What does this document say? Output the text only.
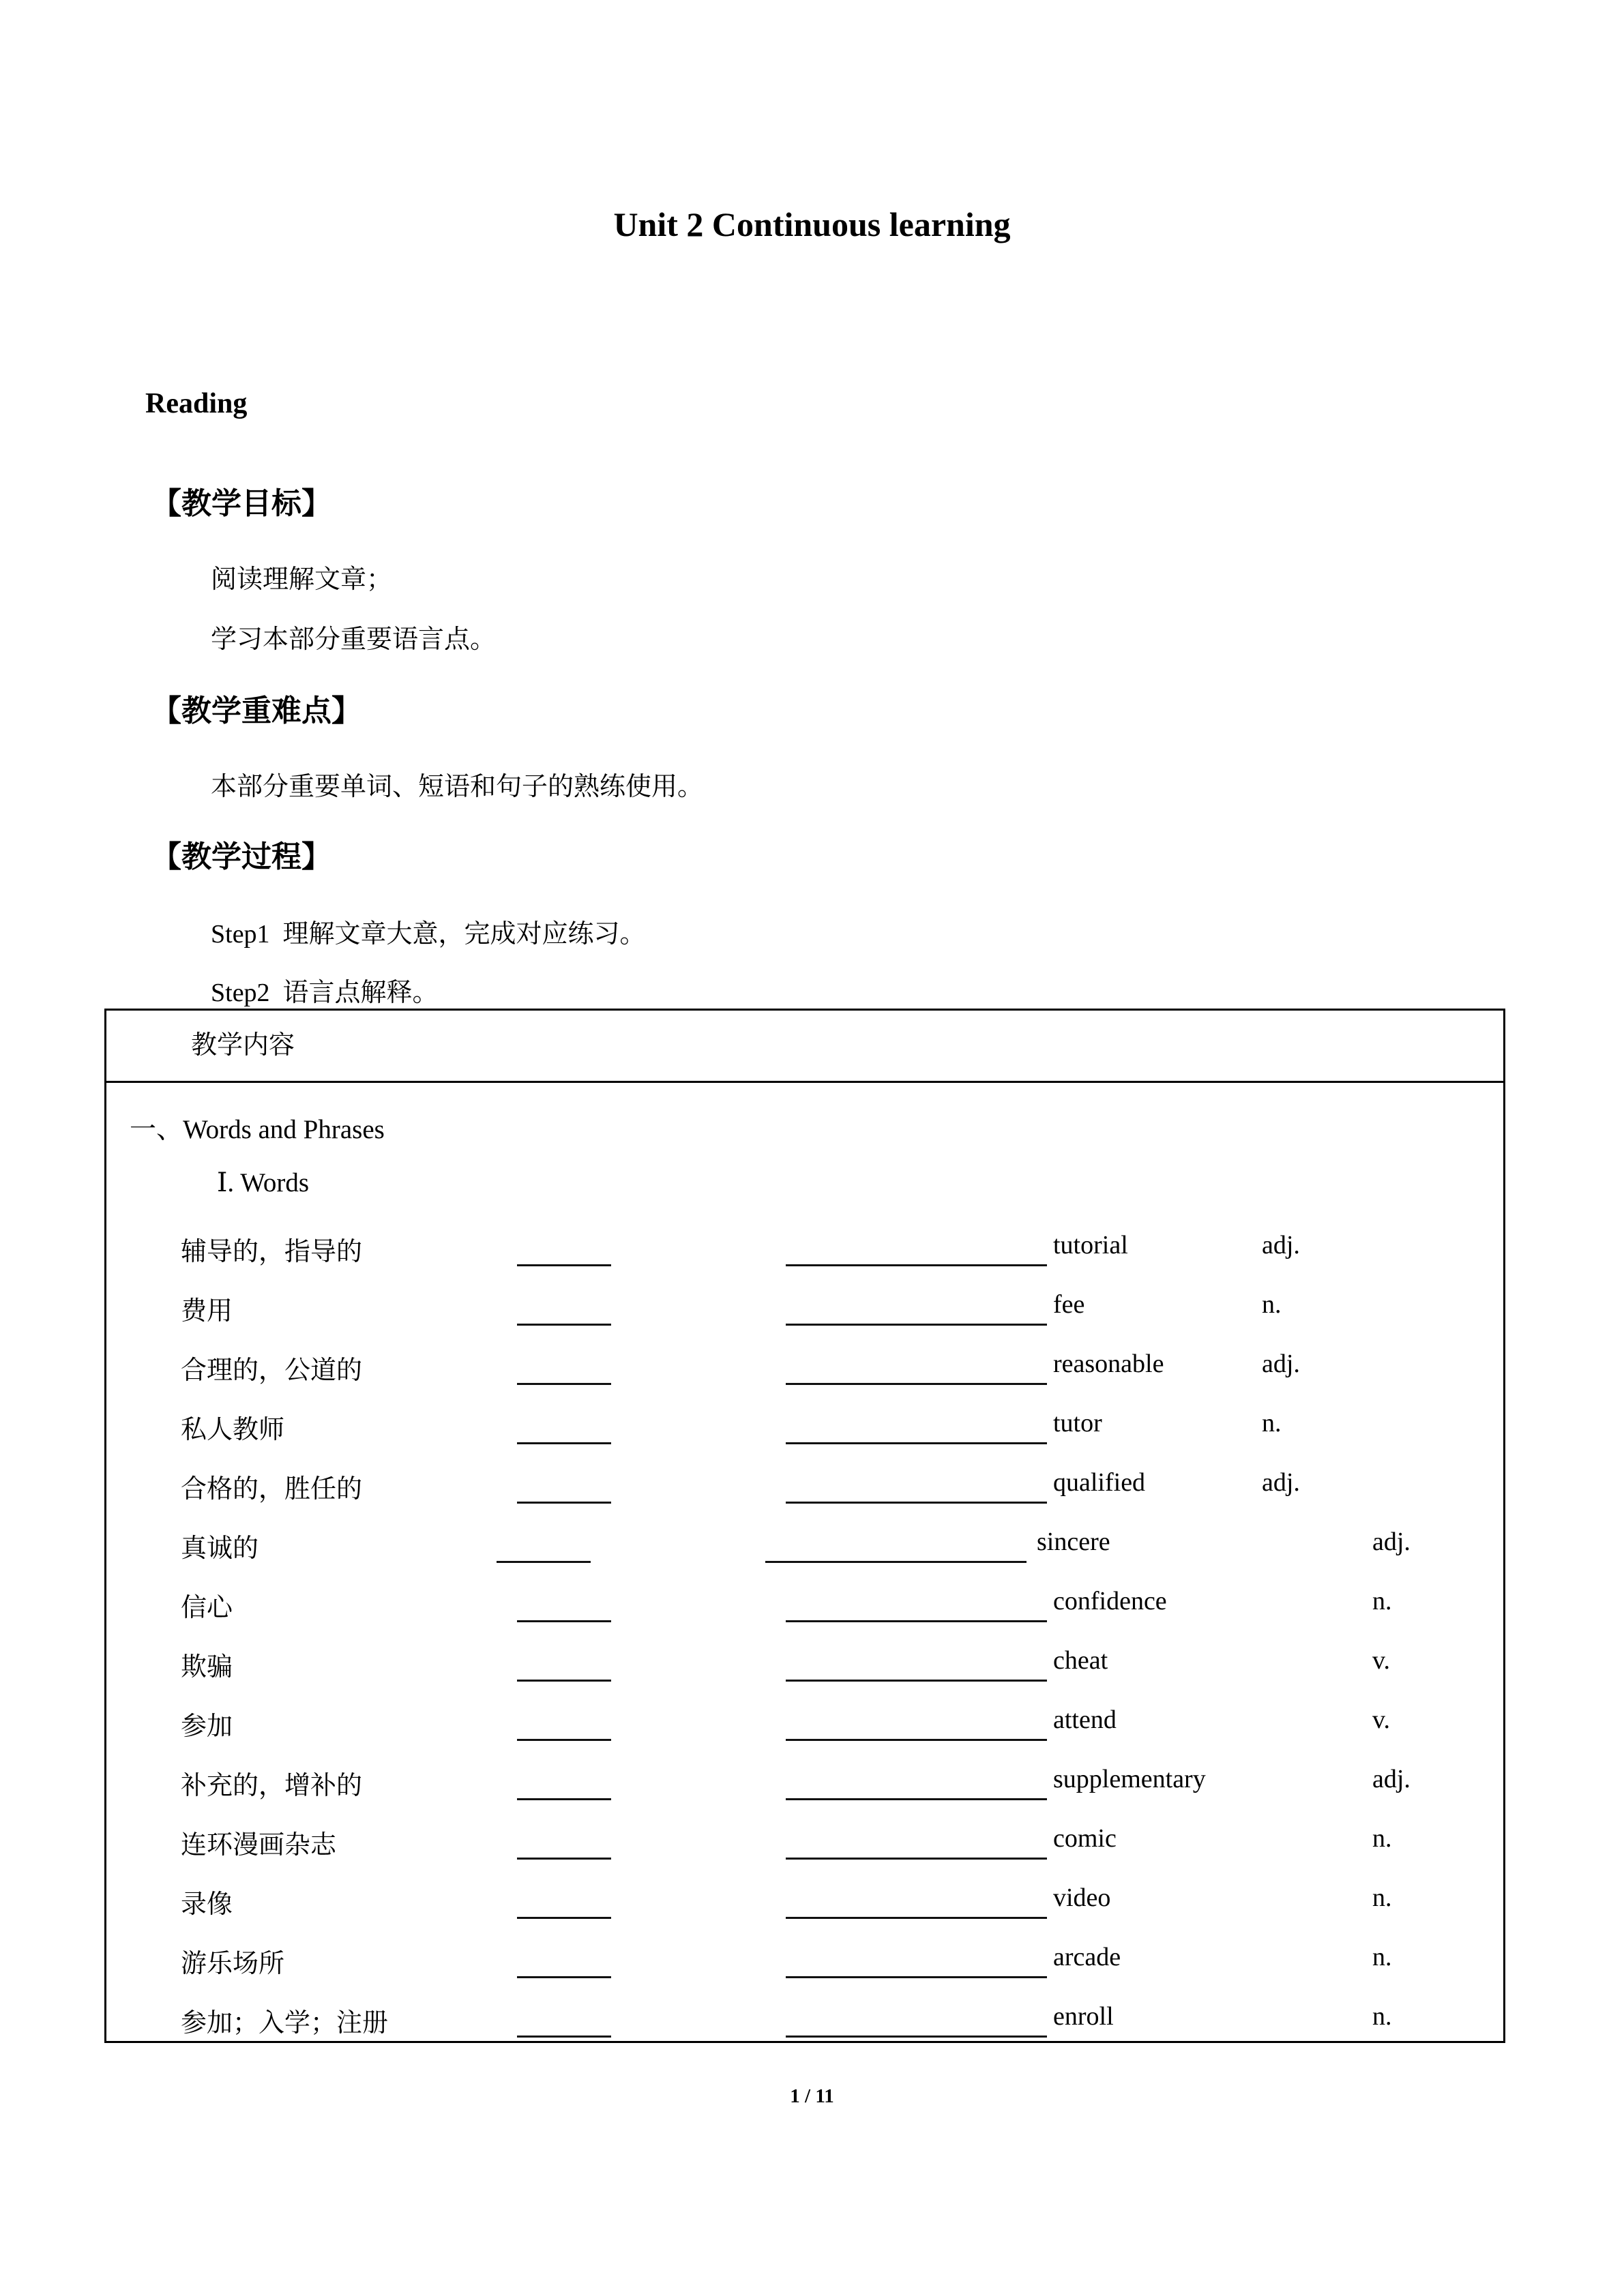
Unit 2 Continuous learning
Reading
【教学目标】

阅读理解文章；

学习本部分重要语言点。

【教学重难点】

本部分重要单词、短语和句子的熟练使用。

【教学过程】

Step1  理解文章大意，完成对应练习。

Step2  语言点解释。

教学内容

一、Words and Phrases

Ⅰ. Words

辅导的，指导的	tutorial	adj.
费用	fee	n.
合理的，公道的	reasonable	adj.
私人教师	tutor	n.
合格的，胜任的	qualified	adj.
真诚的	sincere	adj.
信心	confidence	n.
欺骗	cheat	v.
参加	attend	v.
补充的，增补的	supplementary	adj.
连环漫画杂志	comic	n.
录像	video	n.
游乐场所	arcade	n.
参加；入学；注册	enroll	n.
1 / 11
